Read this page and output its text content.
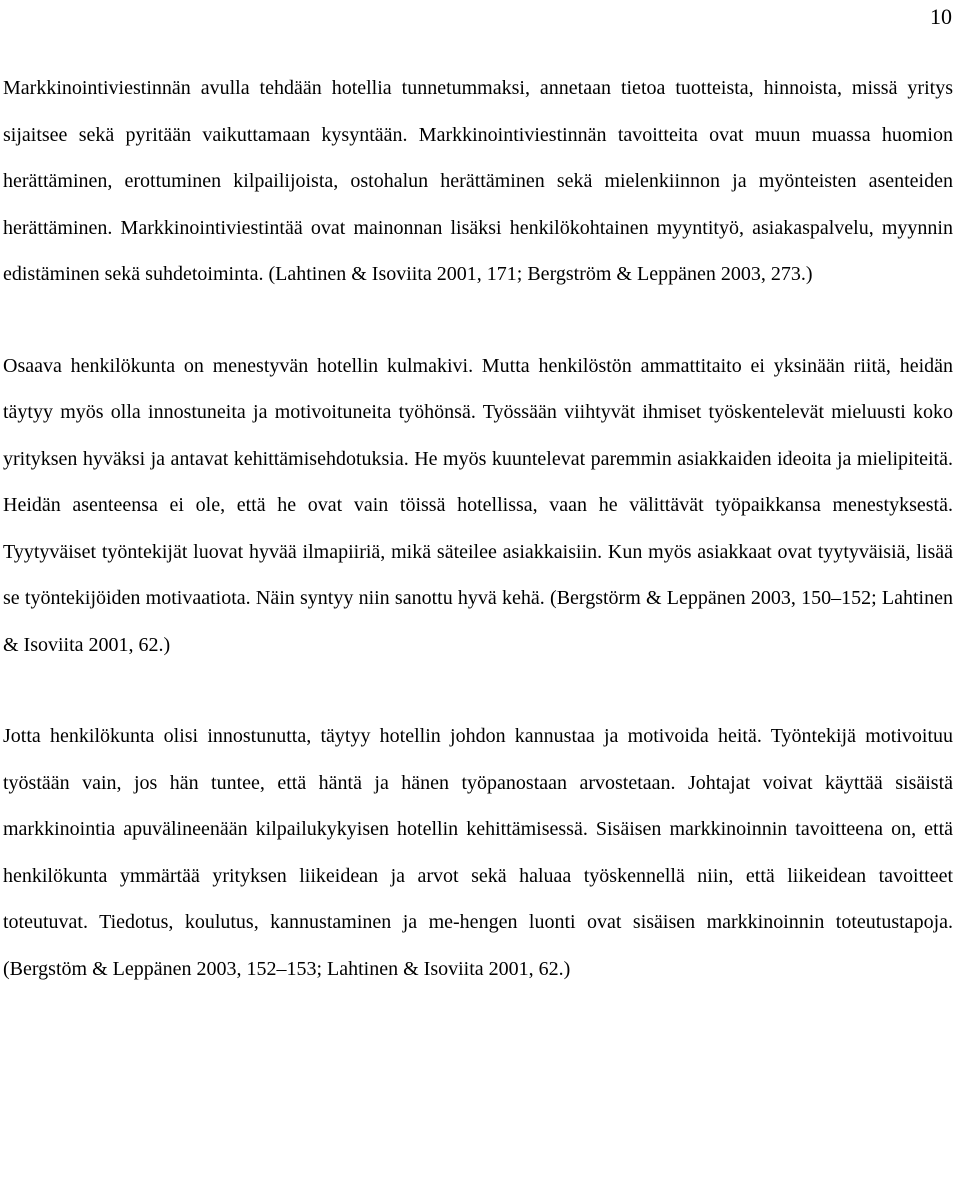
10

Markkinointiviestinnän avulla tehdään hotellia tunnetummaksi, annetaan tietoa tuotteista, hinnoista, missä yritys sijaitsee sekä pyritään vaikuttamaan kysyntään. Markkinointiviestinnän tavoitteita ovat muun muassa huomion herättäminen, erottuminen kilpailijoista, ostohalun herättäminen sekä mielenkiinnon ja myönteisten asenteiden herättäminen. Markkinointiviestintää ovat mainonnan lisäksi henkilökohtainen myyntityö, asiakaspalvelu, myynnin edistäminen sekä suhdetoiminta. (Lahtinen & Isoviita 2001, 171; Bergström & Leppänen 2003, 273.)

Osaava henkilökunta on menestyvän hotellin kulmakivi. Mutta henkilöstön ammattitaito ei yksinään riitä, heidän täytyy myös olla innostuneita ja motivoituneita työhönsä. Työssään viihtyvät ihmiset työskentelevät mieluusti koko yrityksen hyväksi ja antavat kehittämisehdotuksia. He myös kuuntelevat paremmin asiakkaiden ideoita ja mielipiteitä. Heidän asenteensa ei ole, että he ovat vain töissä hotellissa, vaan he välittävät työpaikkansa menestyksestä. Tyytyväiset työntekijät luovat hyvää ilmapiiriä, mikä säteilee asiakkaisiin. Kun myös asiakkaat ovat tyytyväisiä, lisää se työntekijöiden motivaatiota. Näin syntyy niin sanottu hyvä kehä. (Bergstörm & Leppänen 2003, 150–152; Lahtinen & Isoviita 2001, 62.)

Jotta henkilökunta olisi innostunutta, täytyy hotellin johdon kannustaa ja motivoida heitä. Työntekijä motivoituu työstään vain, jos hän tuntee, että häntä ja hänen työpanostaan arvostetaan. Johtajat voivat käyttää sisäistä markkinointia apuvälineenään kilpailukykyisen hotellin kehittämisessä. Sisäisen markkinoinnin tavoitteena on, että henkilökunta ymmärtää yrityksen liikeidean ja arvot sekä haluaa työskennellä niin, että liikeidean tavoitteet toteutuvat. Tiedotus, koulutus, kannustaminen ja me-hengen luonti ovat sisäisen markkinoinnin toteutustapoja. (Bergstöm & Leppänen 2003, 152–153; Lahtinen & Isoviita 2001, 62.)
